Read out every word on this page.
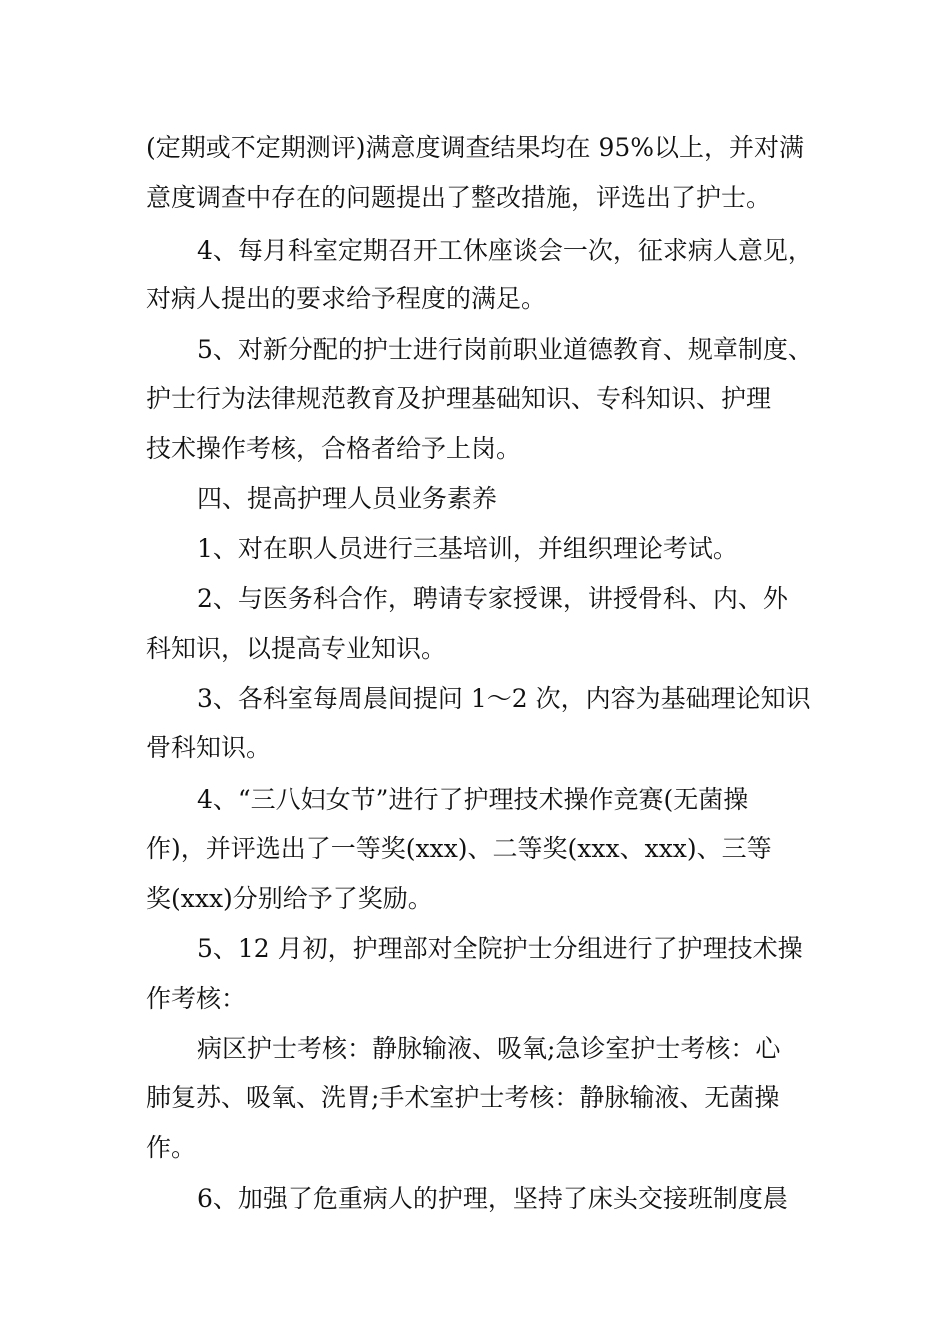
(定期或不定期测评)满意度调查结果均在 95%以上，并对满
意度调查中存在的问题提出了整改措施，评选出了护士。
4、每月科室定期召开工休座谈会一次，征求病人意见，
对病人提出的要求给予程度的满足。
5、对新分配的护士进行岗前职业道德教育、规章制度、
护士行为法律规范教育及护理基础知识、专科知识、护理
技术操作考核，合格者给予上岗。
四、提高护理人员业务素养
1、对在职人员进行三基培训，并组织理论考试。
2、与医务科合作，聘请专家授课，讲授骨科、内、外
科知识，以提高专业知识。
3、各科室每周晨间提问 1～2 次，内容为基础理论知识
骨科知识。
4、“三八妇女节”进行了护理技术操作竞赛(无菌操
作)，并评选出了一等奖(xxx)、二等奖(xxx、xxx)、三等
奖(xxx)分别给予了奖励。
5、12 月初，护理部对全院护士分组进行了护理技术操
作考核：
病区护士考核：静脉输液、吸氧;急诊室护士考核：心
肺复苏、吸氧、洗胃;手术室护士考核：静脉输液、无菌操
作。
6、加强了危重病人的护理，坚持了床头交接班制度晨
